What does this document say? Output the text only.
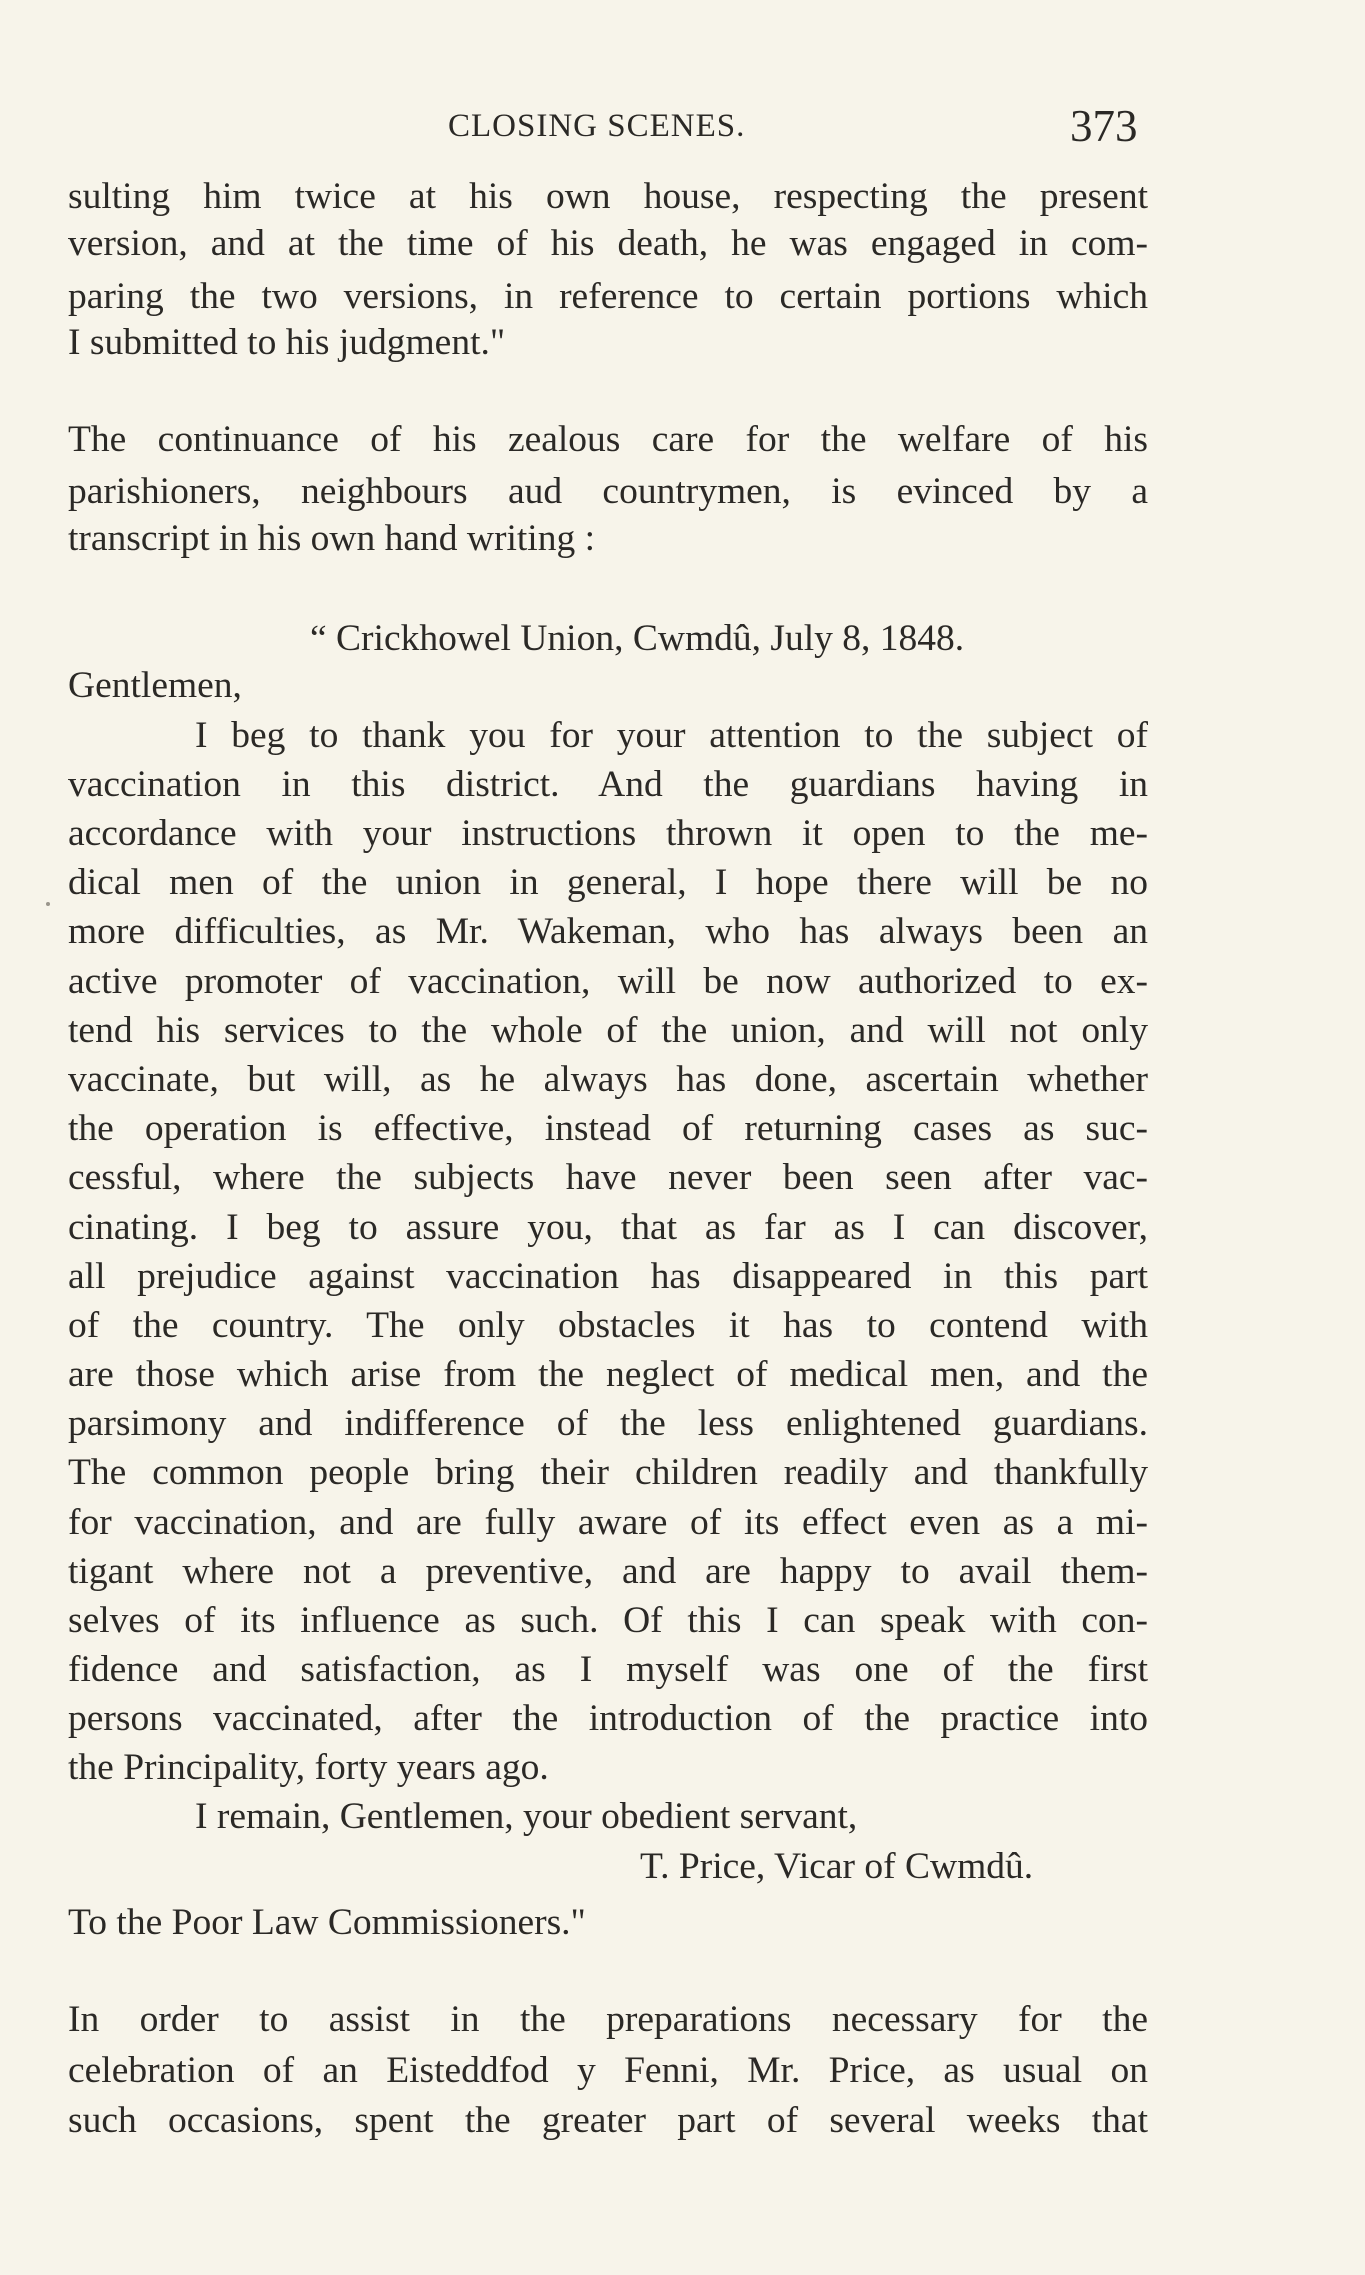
CLOSING SCENES.	373
sulting him twice at his own house, respecting the present
version, and at the time of his death, he was engaged in com-
paring the two versions, in reference to certain portions which
I submitted to his judgment."
The continuance of his zealous care for the welfare of his
parishioners, neighbours aud countrymen, is evinced by a
transcript in his own hand writing :
“ Crickhowel Union, Cwmdû, July 8, 1848.
Gentlemen,
I beg to thank you for your attention to the subject of
vaccination in this district. And the guardians having in
accordance with your instructions thrown it open to the me-
dical men of the union in general, I hope there will be no
more difficulties, as Mr. Wakeman, who has always been an
active promoter of vaccination, will be now authorized to ex-
tend his services to the whole of the union, and will not only
vaccinate, but will, as he always has done, ascertain whether
the operation is effective, instead of returning cases as suc-
cessful, where the subjects have never been seen after vac-
cinating. I beg to assure you, that as far as I can discover,
all prejudice against vaccination has disappeared in this part
of the country. The only obstacles it has to contend with
are those which arise from the neglect of medical men, and the
parsimony and indifference of the less enlightened guardians.
The common people bring their children readily and thankfully
for vaccination, and are fully aware of its effect even as a mi-
tigant where not a preventive, and are happy to avail them-
selves of its influence as such. Of this I can speak with con-
fidence and satisfaction, as I myself was one of the first
persons vaccinated, after the introduction of the practice into
the Principality, forty years ago.
I remain, Gentlemen, your obedient servant,
T. Price, Vicar of Cwmdû.
To the Poor Law Commissioners."
In order to assist in the preparations necessary for the
celebration of an Eisteddfod y Fenni, Mr. Price, as usual on
such occasions, spent the greater part of several weeks that
